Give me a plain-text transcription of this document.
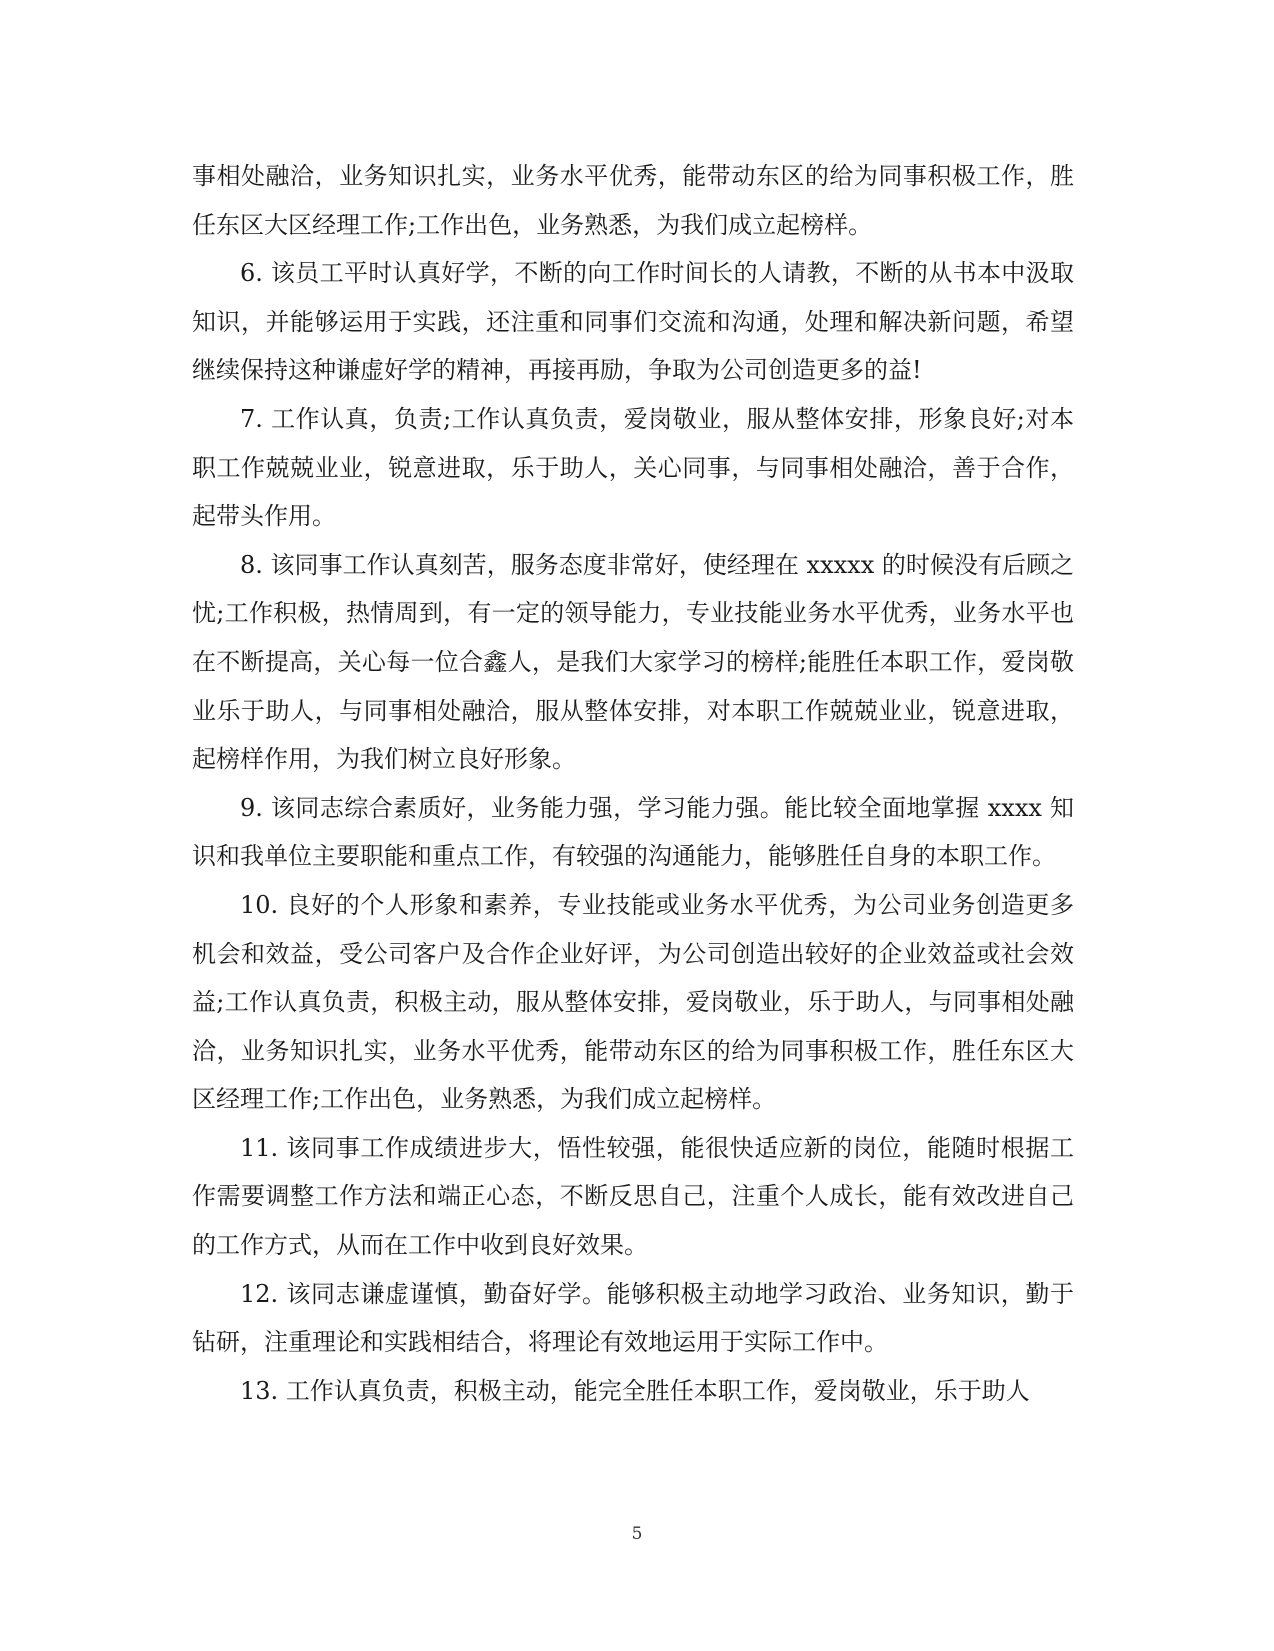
事相处融洽，业务知识扎实，业务水平优秀，能带动东区的给为同事积极工作，胜任东区大区经理工作;工作出色，业务熟悉，为我们成立起榜样。

6. 该员工平时认真好学，不断的向工作时间长的人请教，不断的从书本中汲取知识，并能够运用于实践，还注重和同事们交流和沟通，处理和解决新问题，希望继续保持这种谦虚好学的精神，再接再励，争取为公司创造更多的益!

7. 工作认真，负责;工作认真负责，爱岗敬业，服从整体安排，形象良好;对本职工作兢兢业业，锐意进取，乐于助人，关心同事，与同事相处融洽，善于合作，起带头作用。

8. 该同事工作认真刻苦，服务态度非常好，使经理在 xxxxx 的时候没有后顾之忧;工作积极，热情周到，有一定的领导能力，专业技能业务水平优秀，业务水平也在不断提高，关心每一位合鑫人，是我们大家学习的榜样;能胜任本职工作，爱岗敬业乐于助人，与同事相处融洽，服从整体安排，对本职工作兢兢业业，锐意进取，起榜样作用，为我们树立良好形象。

9. 该同志综合素质好，业务能力强，学习能力强。能比较全面地掌握 xxxx 知识和我单位主要职能和重点工作，有较强的沟通能力，能够胜任自身的本职工作。

10. 良好的个人形象和素养，专业技能或业务水平优秀，为公司业务创造更多机会和效益，受公司客户及合作企业好评，为公司创造出较好的企业效益或社会效益;工作认真负责，积极主动，服从整体安排，爱岗敬业，乐于助人，与同事相处融洽，业务知识扎实，业务水平优秀，能带动东区的给为同事积极工作，胜任东区大区经理工作;工作出色，业务熟悉，为我们成立起榜样。

11. 该同事工作成绩进步大，悟性较强，能很快适应新的岗位，能随时根据工作需要调整工作方法和端正心态，不断反思自己，注重个人成长，能有效改进自己的工作方式，从而在工作中收到良好效果。

12. 该同志谦虚谨慎，勤奋好学。能够积极主动地学习政治、业务知识，勤于钻研，注重理论和实践相结合，将理论有效地运用于实际工作中。

13. 工作认真负责，积极主动，能完全胜任本职工作，爱岗敬业，乐于助人

5
